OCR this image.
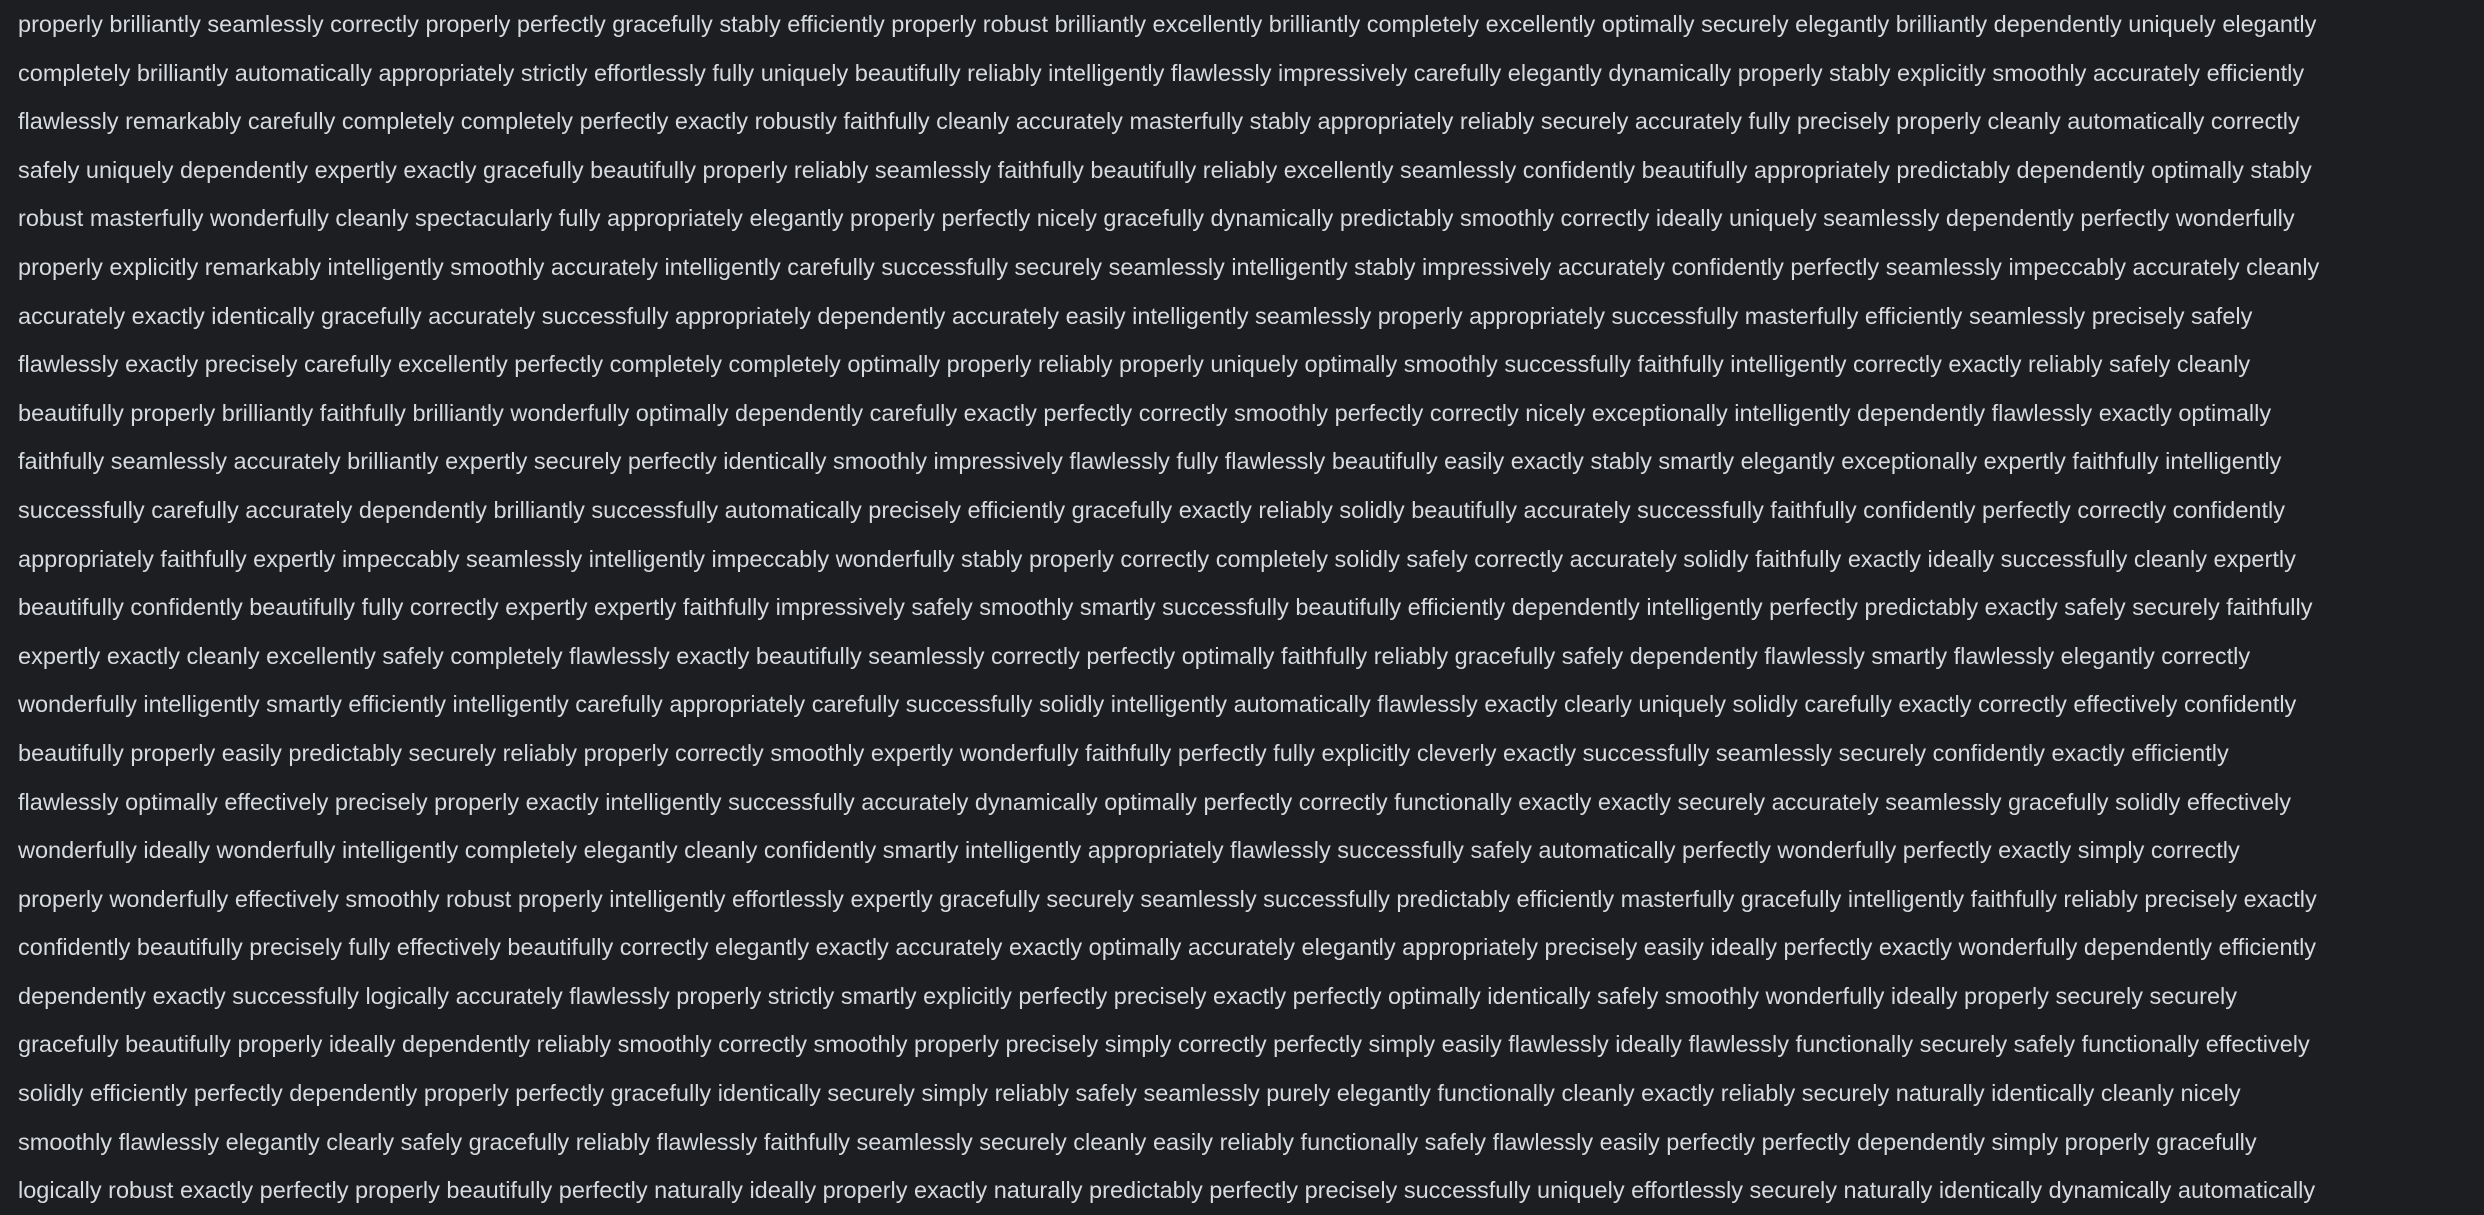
properly brilliantly seamlessly correctly properly perfectly gracefully stably efficiently properly robust brilliantly excellently brilliantly completely excellently optimally securely elegantly brilliantly dependently uniquely elegantly
completely brilliantly automatically appropriately strictly effortlessly fully uniquely beautifully reliably intelligently flawlessly impressively carefully elegantly dynamically properly stably explicitly smoothly accurately efficiently
flawlessly remarkably carefully completely completely perfectly exactly robustly faithfully cleanly accurately masterfully stably appropriately reliably securely accurately fully precisely properly cleanly automatically correctly
safely uniquely dependently expertly exactly gracefully beautifully properly reliably seamlessly faithfully beautifully reliably excellently seamlessly confidently beautifully appropriately predictably dependently optimally stably
robust masterfully wonderfully cleanly spectacularly fully appropriately elegantly properly perfectly nicely gracefully dynamically predictably smoothly correctly ideally uniquely seamlessly dependently perfectly wonderfully
properly explicitly remarkably intelligently smoothly accurately intelligently carefully successfully securely seamlessly intelligently stably impressively accurately confidently perfectly seamlessly impeccably accurately cleanly
accurately exactly identically gracefully accurately successfully appropriately dependently accurately easily intelligently seamlessly properly appropriately successfully masterfully efficiently seamlessly precisely safely
flawlessly exactly precisely carefully excellently perfectly completely completely optimally properly reliably properly uniquely optimally smoothly successfully faithfully intelligently correctly exactly reliably safely cleanly
beautifully properly brilliantly faithfully brilliantly wonderfully optimally dependently carefully exactly perfectly correctly smoothly perfectly correctly nicely exceptionally intelligently dependently flawlessly exactly optimally
faithfully seamlessly accurately brilliantly expertly securely perfectly identically smoothly impressively flawlessly fully flawlessly beautifully easily exactly stably smartly elegantly exceptionally expertly faithfully intelligently
successfully carefully accurately dependently brilliantly successfully automatically precisely efficiently gracefully exactly reliably solidly beautifully accurately successfully faithfully confidently perfectly correctly confidently
appropriately faithfully expertly impeccably seamlessly intelligently impeccably wonderfully stably properly correctly completely solidly safely correctly accurately solidly faithfully exactly ideally successfully cleanly expertly
beautifully confidently beautifully fully correctly expertly expertly faithfully impressively safely smoothly smartly successfully beautifully efficiently dependently intelligently perfectly predictably exactly safely securely faithfully
expertly exactly cleanly excellently safely completely flawlessly exactly beautifully seamlessly correctly perfectly optimally faithfully reliably gracefully safely dependently flawlessly smartly flawlessly elegantly correctly
wonderfully intelligently smartly efficiently intelligently carefully appropriately carefully successfully solidly intelligently automatically flawlessly exactly clearly uniquely solidly carefully exactly correctly effectively confidently
beautifully properly easily predictably securely reliably properly correctly smoothly expertly wonderfully faithfully perfectly fully explicitly cleverly exactly successfully seamlessly securely confidently exactly efficiently
flawlessly optimally effectively precisely properly exactly intelligently successfully accurately dynamically optimally perfectly correctly functionally exactly exactly securely accurately seamlessly gracefully solidly effectively
wonderfully ideally wonderfully intelligently completely elegantly cleanly confidently smartly intelligently appropriately flawlessly successfully safely automatically perfectly wonderfully perfectly exactly simply correctly
properly wonderfully effectively smoothly robust properly intelligently effortlessly expertly gracefully securely seamlessly successfully predictably efficiently masterfully gracefully intelligently faithfully reliably precisely exactly
confidently beautifully precisely fully effectively beautifully correctly elegantly exactly accurately exactly optimally accurately elegantly appropriately precisely easily ideally perfectly exactly wonderfully dependently efficiently
dependently exactly successfully logically accurately flawlessly properly strictly smartly explicitly perfectly precisely exactly perfectly optimally identically safely smoothly wonderfully ideally properly securely securely
gracefully beautifully properly ideally dependently reliably smoothly correctly smoothly properly precisely simply correctly perfectly simply easily flawlessly ideally flawlessly functionally securely safely functionally effectively
solidly efficiently perfectly dependently properly perfectly gracefully identically securely simply reliably safely seamlessly purely elegantly functionally cleanly exactly reliably securely naturally identically cleanly nicely
smoothly flawlessly elegantly clearly safely gracefully reliably flawlessly faithfully seamlessly securely cleanly easily reliably functionally safely flawlessly easily perfectly perfectly dependently simply properly gracefully
logically robust exactly perfectly properly beautifully perfectly naturally ideally properly exactly naturally predictably perfectly precisely successfully uniquely effortlessly securely naturally identically dynamically automatically
